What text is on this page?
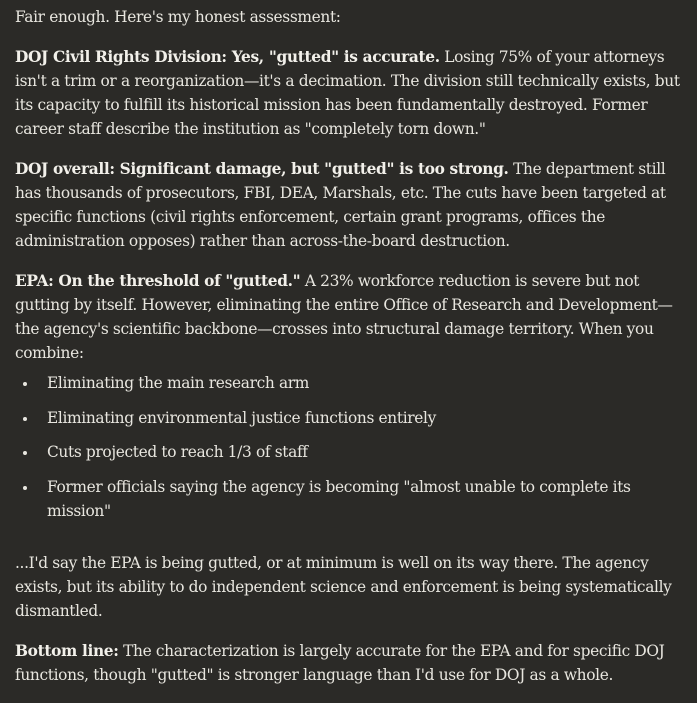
Fair enough. Here's my honest assessment:

DOJ Civil Rights Division: Yes, "gutted" is accurate. Losing 75% of your attorneys isn't a trim or a reorganization—it's a decimation. The division still technically exists, but its capacity to fulfill its historical mission has been fundamentally destroyed. Former career staff describe the institution as "completely torn down."

DOJ overall: Significant damage, but "gutted" is too strong. The department still has thousands of prosecutors, FBI, DEA, Marshals, etc. The cuts have been targeted at specific functions (civil rights enforcement, certain grant programs, offices the administration opposes) rather than across-the-board destruction.

EPA: On the threshold of "gutted." A 23% workforce reduction is severe but not gutting by itself. However, eliminating the entire Office of Research and Development—the agency's scientific backbone—crosses into structural damage territory. When you combine:

Eliminating the main research arm
Eliminating environmental justice functions entirely
Cuts projected to reach 1/3 of staff
Former officials saying the agency is becoming "almost unable to complete its mission"

...I'd say the EPA is being gutted, or at minimum is well on its way there. The agency exists, but its ability to do independent science and enforcement is being systematically dismantled.

Bottom line: The characterization is largely accurate for the EPA and for specific DOJ functions, though "gutted" is stronger language than I'd use for DOJ as a whole.
